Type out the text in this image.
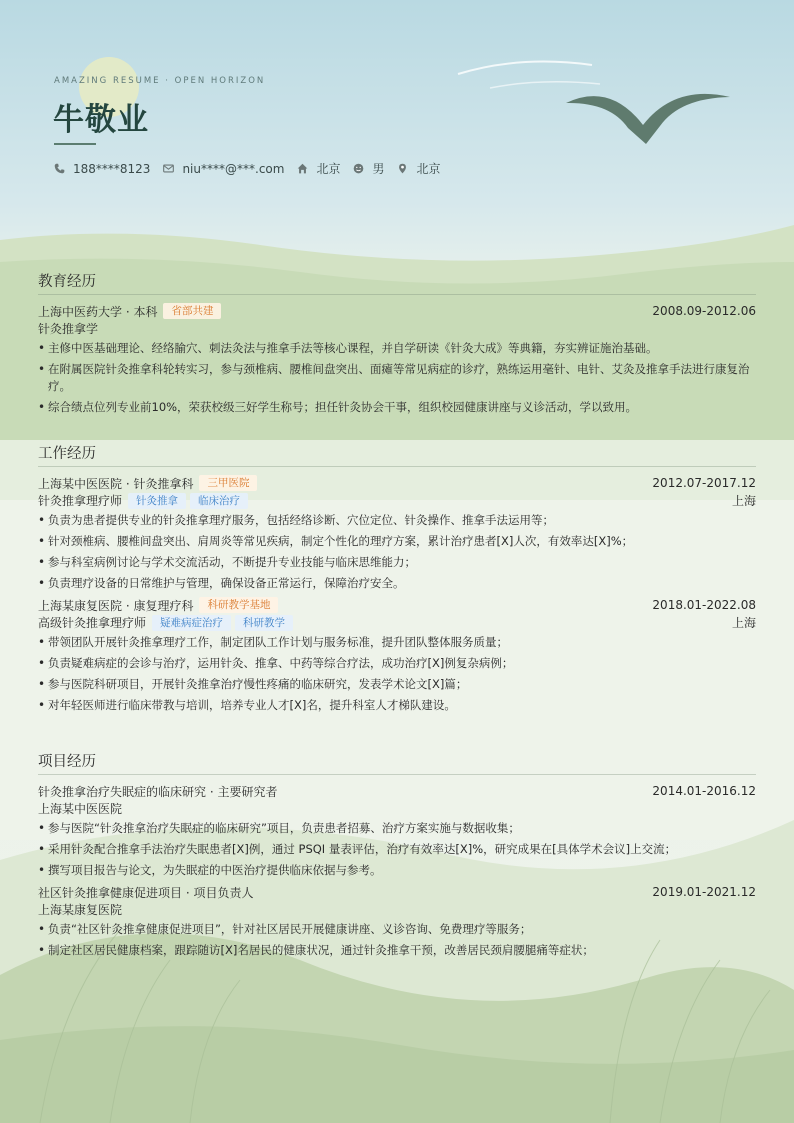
AMAZING RESUME · OPEN HORIZON
牛敬业
188****8123	niu****@***.com	北京	男	北京
教育经历
上海中医药大学 · 本科	省部共建	2008.09-2012.06
针灸推拿学
• 主修中医基础理论、经络腧穴、刺法灸法与推拿手法等核心课程，并自学研读《针灸大成》等典籍，夯实辨证施治基础。
• 在附属医院针灸推拿科轮转实习，参与颈椎病、腰椎间盘突出、面瘫等常见病症的诊疗，熟练运用毫针、电针、艾灸及推拿手法进行康复治疗。
• 综合绩点位列专业前10%，荣获校级三好学生称号；担任针灸协会干事，组织校园健康讲座与义诊活动，学以致用。
工作经历
上海某中医医院 · 针灸推拿科	三甲医院	2012.07-2017.12
针灸推拿理疗师	针灸推拿	临床治疗	上海
• 负责为患者提供专业的针灸推拿理疗服务，包括经络诊断、穴位定位、针灸操作、推拿手法运用等；
• 针对颈椎病、腰椎间盘突出、肩周炎等常见疾病，制定个性化的理疗方案，累计治疗患者[X]人次，有效率达[X]%；
• 参与科室病例讨论与学术交流活动，不断提升专业技能与临床思维能力；
• 负责理疗设备的日常维护与管理，确保设备正常运行，保障治疗安全。
上海某康复医院 · 康复理疗科	科研教学基地	2018.01-2022.08
高级针灸推拿理疗师	疑难病症治疗	科研教学	上海
• 带领团队开展针灸推拿理疗工作，制定团队工作计划与服务标准，提升团队整体服务质量；
• 负责疑难病症的会诊与治疗，运用针灸、推拿、中药等综合疗法，成功治疗[X]例复杂病例；
• 参与医院科研项目，开展针灸推拿治疗慢性疼痛的临床研究，发表学术论文[X]篇；
• 对年轻医师进行临床带教与培训，培养专业人才[X]名，提升科室人才梯队建设。
项目经历
针灸推拿治疗失眠症的临床研究 · 主要研究者	2014.01-2016.12
上海某中医医院
• 参与医院“针灸推拿治疗失眠症的临床研究”项目，负责患者招募、治疗方案实施与数据收集；
• 采用针灸配合推拿手法治疗失眠患者[X]例，通过 PSQI 量表评估，治疗有效率达[X]%，研究成果在[具体学术会议]上交流；
• 撰写项目报告与论文，为失眠症的中医治疗提供临床依据与参考。
社区针灸推拿健康促进项目 · 项目负责人	2019.01-2021.12
上海某康复医院
• 负责“社区针灸推拿健康促进项目”，针对社区居民开展健康讲座、义诊咨询、免费理疗等服务；
• 制定社区居民健康档案，跟踪随访[X]名居民的健康状况，通过针灸推拿干预，改善居民颈肩腰腿痛等症状；
